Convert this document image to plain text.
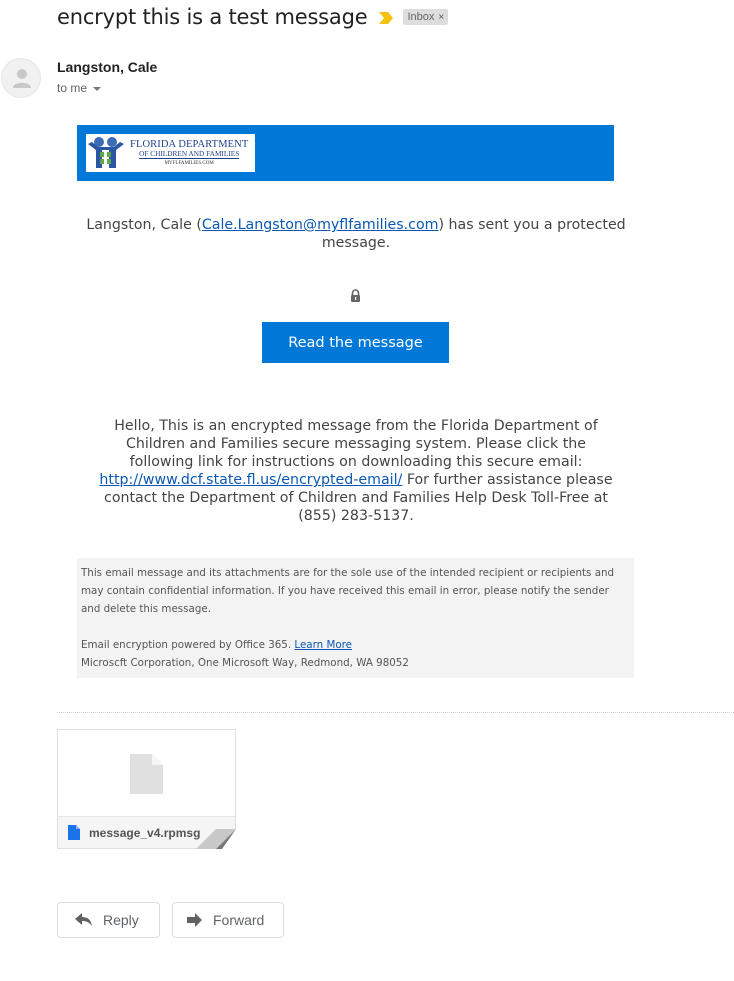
encrypt this is a test message	Inbox ×
Langston, Cale
to me
FLORIDA DEPARTMENT
OF CHILDREN AND FAMILIES
MYFLFAMILIES.COM

Langston, Cale (Cale.Langston@myflfamilies.com) has sent you a protected message.

Read the message

Hello, This is an encrypted message from the Florida Department of Children and Families secure messaging system. Please click the following link for instructions on downloading this secure email: http://www.dcf.state.fl.us/encrypted-email/ For further assistance please contact the Department of Children and Families Help Desk Toll-Free at (855) 283-5137.

This email message and its attachments are for the sole use of the intended recipient or recipients and may contain confidential information. If you have received this email in error, please notify the sender and delete this message.

Email encryption powered by Office 365. Learn More

Microscft Corporation, One Microsoft Way, Redmond, WA 98052

message_v4.rpmsg
Reply	Forward
